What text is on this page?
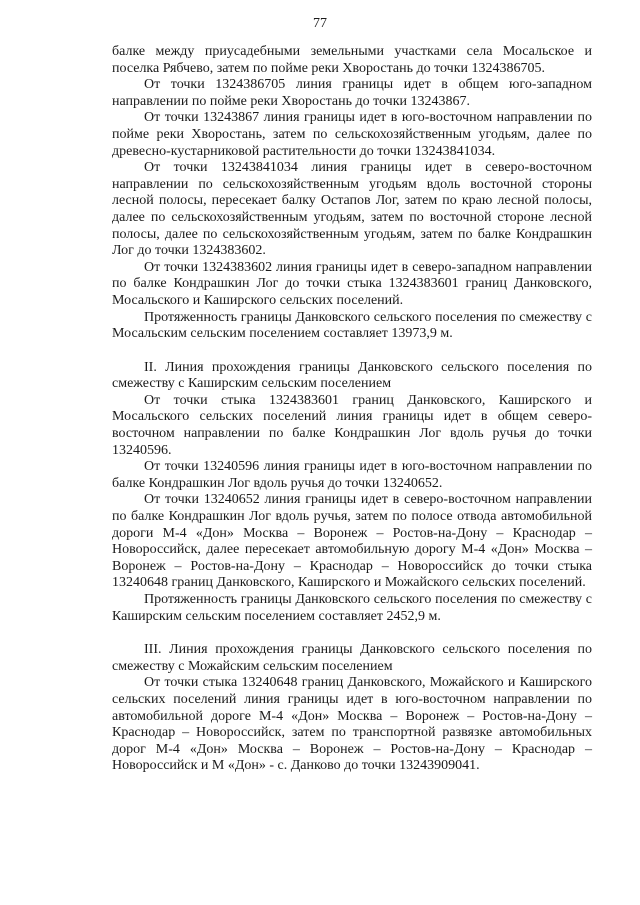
77

балке между приусадебными земельными участками села Мосальское и поселка Рябчево, затем по пойме реки Хворостань до точки 1324386705.

От точки 1324386705 линия границы идет в общем юго-западном направлении по пойме реки Хворостань до точки 13243867.

От точки 13243867 линия границы идет в юго-восточном направлении по пойме реки Хворостань, затем по сельскохозяйственным угодьям, далее по древесно-кустарниковой растительности до точки 13243841034.

От точки 13243841034 линия границы идет в северо-восточном направлении по сельскохозяйственным угодьям вдоль восточной стороны лесной полосы, пересекает балку Остапов Лог, затем по краю лесной полосы, далее по сельскохозяйственным угодьям, затем по восточной стороне лесной полосы, далее по сельскохозяйственным угодьям, затем по балке Кондрашкин Лог до точки 1324383602.

От точки 1324383602 линия границы идет в северо-западном направлении по балке Кондрашкин Лог до точки стыка 1324383601 границ Данковского, Мосальского и Каширского сельских поселений.

Протяженность границы Данковского сельского поселения по смежеству с Мосальским сельским поселением составляет 13973,9 м.

II. Линия прохождения границы Данковского сельского поселения по смежеству с Каширским сельским поселением

От точки стыка 1324383601 границ Данковского, Каширского и Мосальского сельских поселений линия границы идет в общем северо-восточном направлении по балке Кондрашкин Лог вдоль ручья до точки 13240596.

От точки 13240596 линия границы идет в юго-восточном направлении по балке Кондрашкин Лог вдоль ручья до точки 13240652.

От точки 13240652 линия границы идет в северо-восточном направлении по балке Кондрашкин Лог вдоль ручья, затем по полосе отвода автомобильной дороги М-4 «Дон» Москва – Воронеж – Ростов-на-Дону – Краснодар – Новороссийск, далее пересекает автомобильную дорогу М-4 «Дон» Москва – Воронеж – Ростов-на-Дону – Краснодар – Новороссийск до точки стыка 13240648 границ Данковского, Каширского и Можайского сельских поселений.

Протяженность границы Данковского сельского поселения по смежеству с Каширским сельским поселением составляет 2452,9 м.

III. Линия прохождения границы Данковского сельского поселения по смежеству с Можайским сельским поселением

От точки стыка 13240648 границ Данковского, Можайского и Каширского сельских поселений линия границы идет в юго-восточном направлении по автомобильной дороге М-4 «Дон» Москва – Воронеж – Ростов-на-Дону – Краснодар – Новороссийск, затем по транспортной развязке автомобильных дорог М-4 «Дон» Москва – Воронеж – Ростов-на-Дону – Краснодар – Новороссийск и М «Дон» - с. Данково до точки 13243909041.
